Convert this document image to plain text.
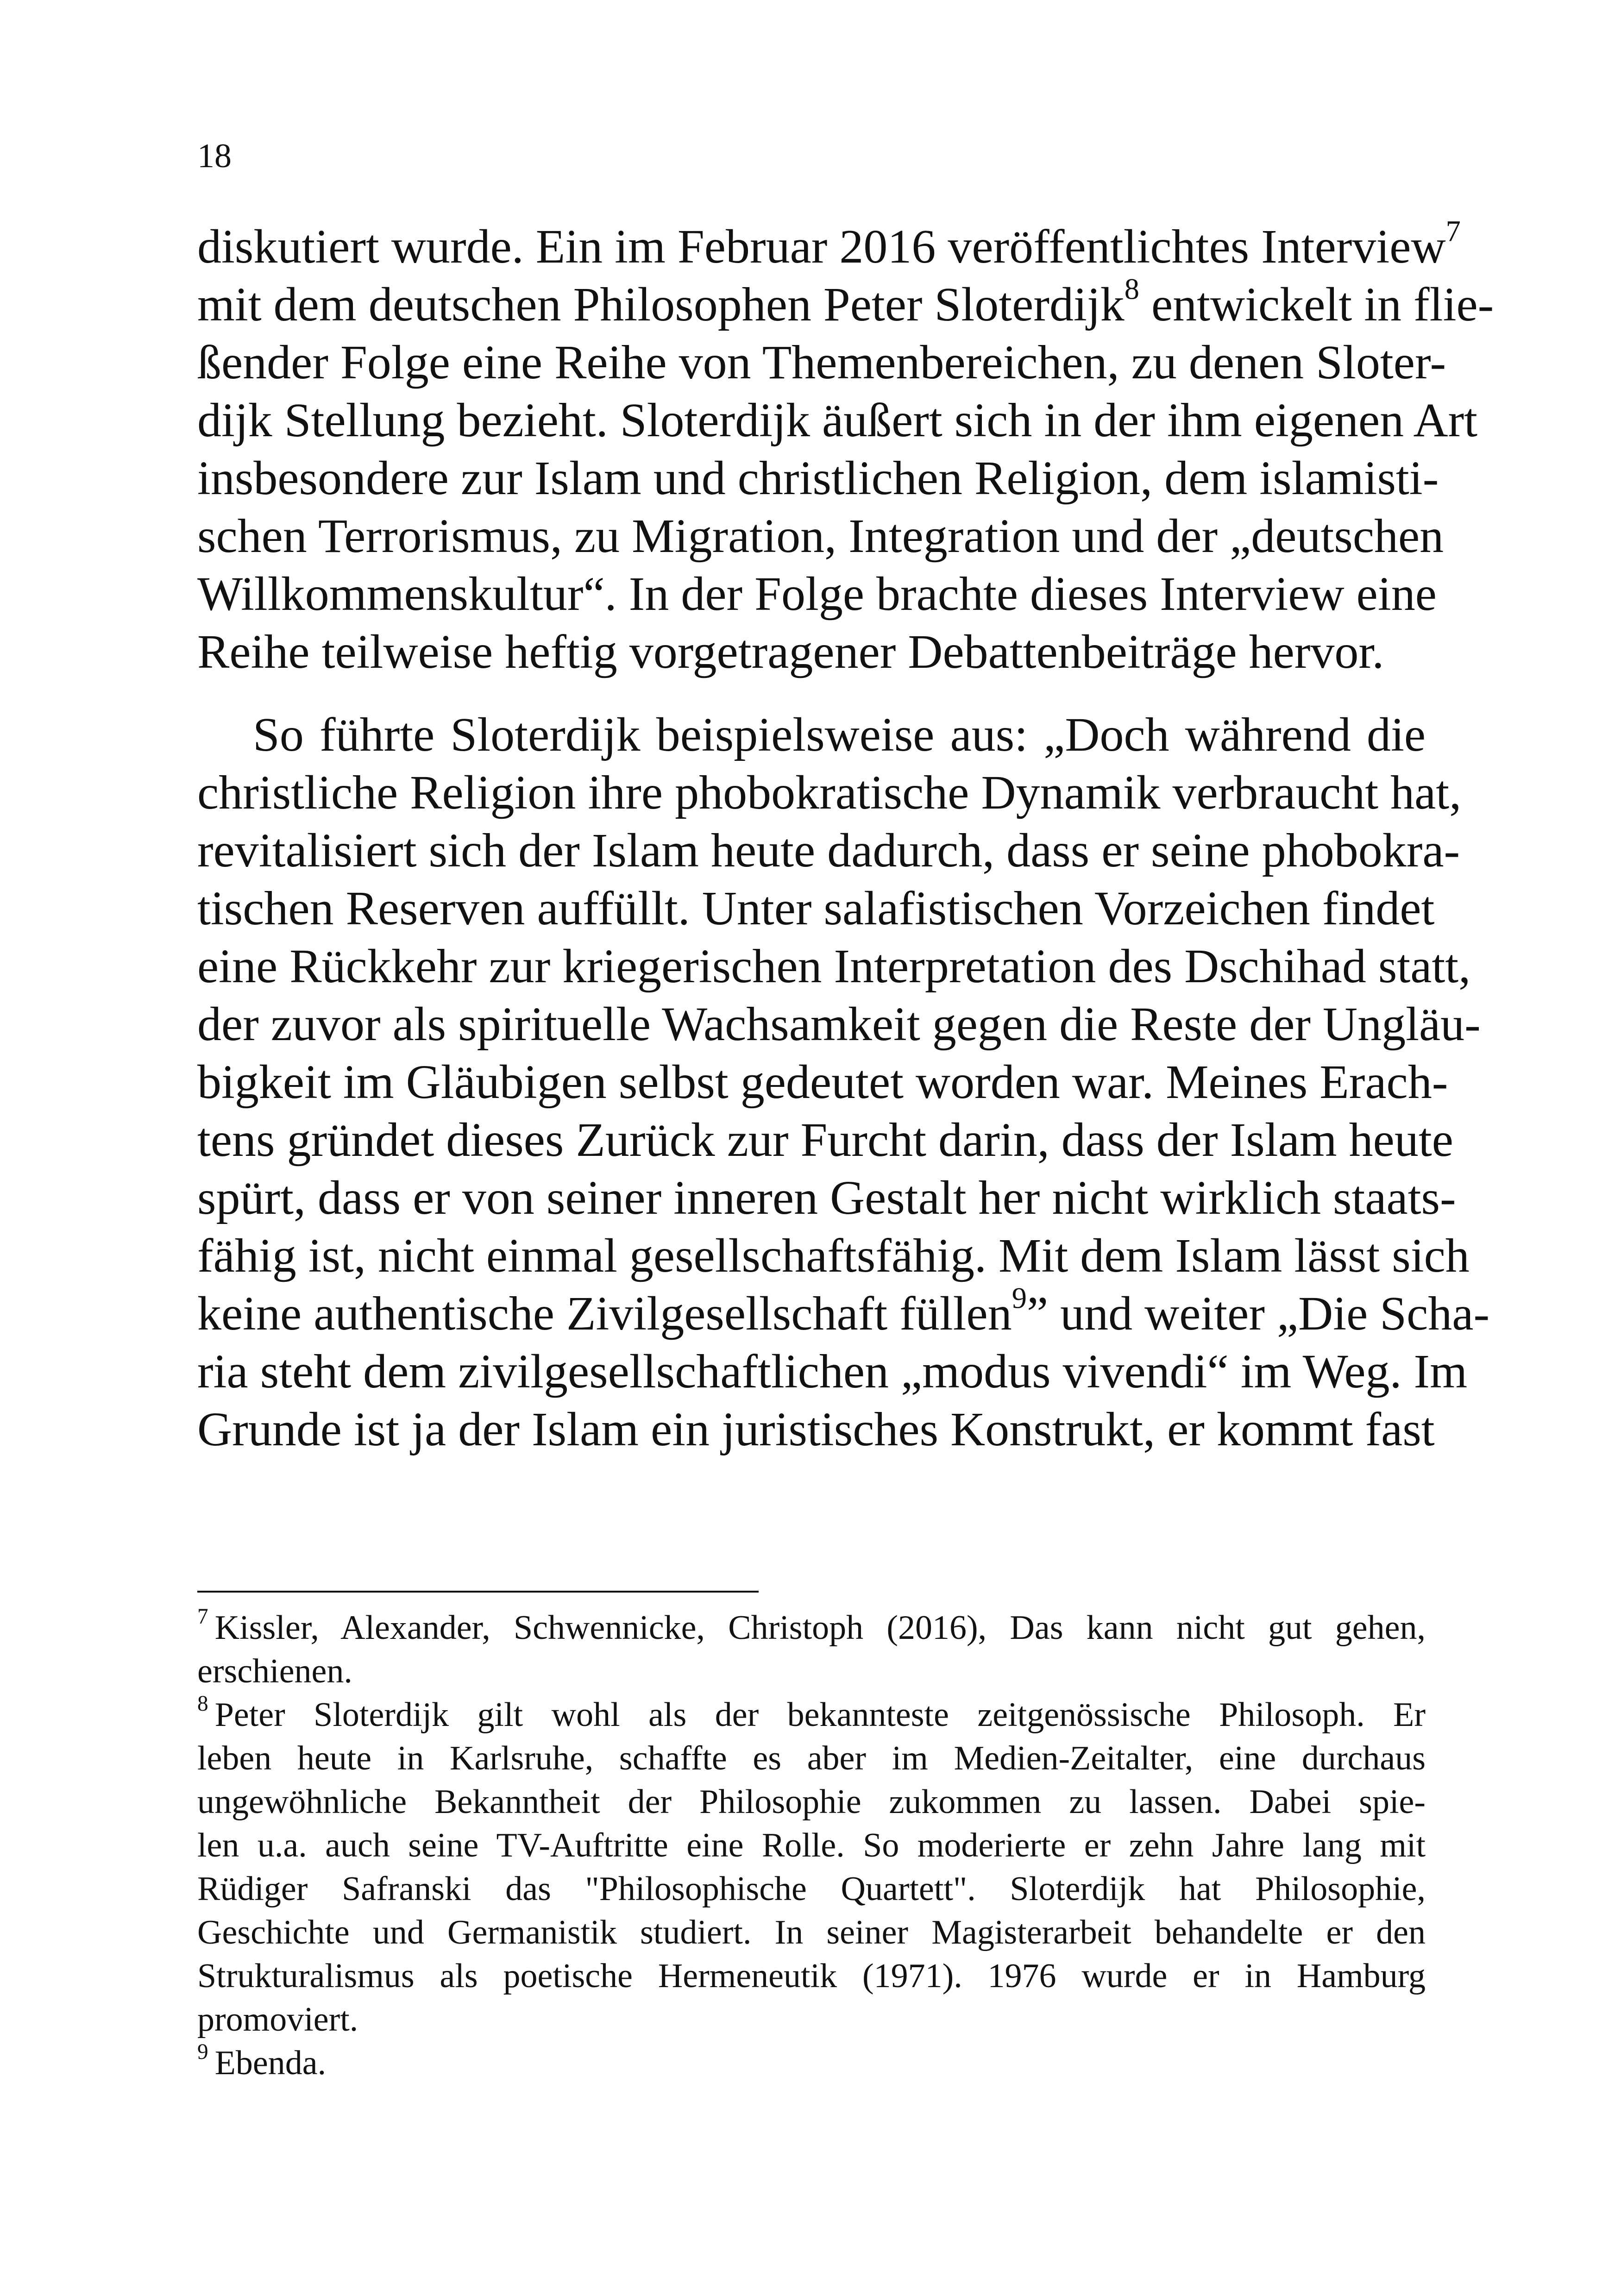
18
diskutiert wurde. Ein im Februar 2016 veröffentlichtes Interview$^7$
mit dem deutschen Philosophen Peter Sloterdijk$^8$ entwickelt in flie-
ßender Folge eine Reihe von Themenbereichen, zu denen Sloter-
dijk Stellung bezieht. Sloterdijk äußert sich in der ihm eigenen Art
insbesondere zur Islam und christlichen Religion, dem islamisti-
schen Terrorismus, zu Migration, Integration und der „deutschen
Willkommenskultur“. In der Folge brachte dieses Interview eine
Reihe teilweise heftig vorgetragener Debattenbeiträge hervor.
So führte Sloterdijk beispielsweise aus: „Doch während die
christliche Religion ihre phobokratische Dynamik verbraucht hat,
revitalisiert sich der Islam heute dadurch, dass er seine phobokra-
tischen Reserven auffüllt. Unter salafistischen Vorzeichen findet
eine Rückkehr zur kriegerischen Interpretation des Dschihad statt,
der zuvor als spirituelle Wachsamkeit gegen die Reste der Ungläu-
bigkeit im Gläubigen selbst gedeutet worden war. Meines Erach-
tens gründet dieses Zurück zur Furcht darin, dass der Islam heute
spürt, dass er von seiner inneren Gestalt her nicht wirklich staats-
fähig ist, nicht einmal gesellschaftsfähig. Mit dem Islam lässt sich
keine authentische Zivilgesellschaft füllen$^9$” und weiter „Die Scha-
ria steht dem zivilgesellschaftlichen „modus vivendi“ im Weg. Im
Grunde ist ja der Islam ein juristisches Konstrukt, er kommt fast
$^7$ Kissler, Alexander, Schwennicke, Christoph (2016), Das kann nicht gut gehen,
erschienen.
$^8$ Peter Sloterdijk gilt wohl als der bekannteste zeitgenössische Philosoph. Er
leben heute in Karlsruhe, schaffte es aber im Medien-Zeitalter, eine durchaus
ungewöhnliche Bekanntheit der Philosophie zukommen zu lassen. Dabei spie-
len u.a. auch seine TV-Auftritte eine Rolle. So moderierte er zehn Jahre lang mit
Rüdiger Safranski das "Philosophische Quartett". Sloterdijk hat Philosophie,
Geschichte und Germanistik studiert. In seiner Magisterarbeit behandelte er den
Strukturalismus als poetische Hermeneutik (1971). 1976 wurde er in Hamburg
promoviert.
$^9$ Ebenda.
